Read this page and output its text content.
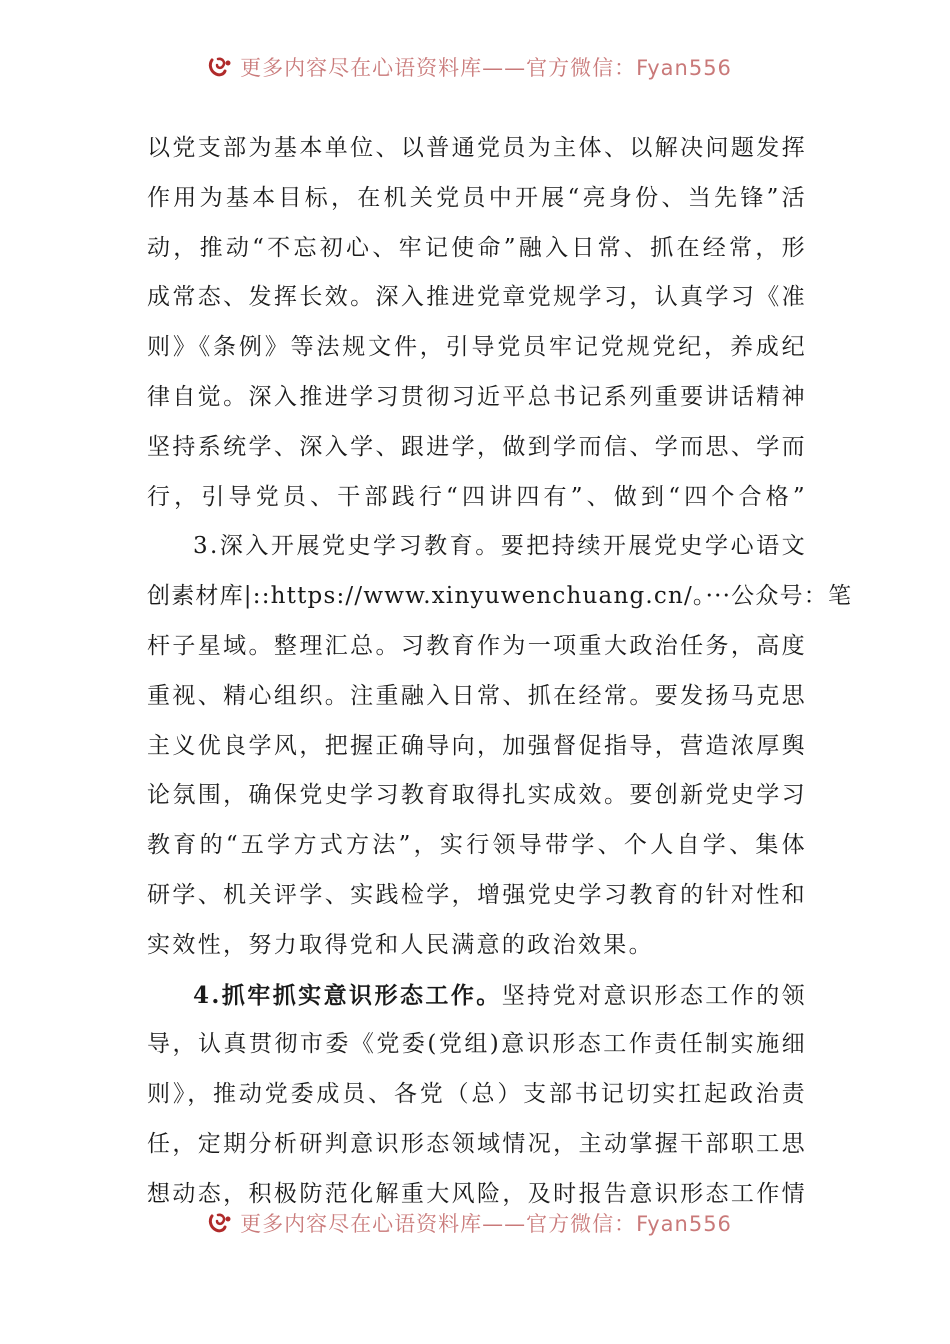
更多内容尽在心语资料库——官方微信：Fyan556
以党支部为基本单位、以普通党员为主体、以解决问题发挥
作用为基本目标，在机关党员中开展“亮身份、当先锋”活
动，推动“不忘初心、牢记使命”融入日常、抓在经常，形
成常态、发挥长效。深入推进党章党规学习，认真学习《准
则》《条例》等法规文件，引导党员牢记党规党纪，养成纪
律自觉。深入推进学习贯彻习近平总书记系列重要讲话精神
坚持系统学、深入学、跟进学，做到学而信、学而思、学而
行，引导党员、干部践行“四讲四有”、做到“四个合格”
3.深入开展党史学习教育。要把持续开展党史学心语文
创素材库|::https://www.xinyuwenchuang.cn/。···公众号：笔
杆子星域。整理汇总。习教育作为一项重大政治任务，高度
重视、精心组织。注重融入日常、抓在经常。要发扬马克思
主义优良学风，把握正确导向，加强督促指导，营造浓厚舆
论氛围，确保党史学习教育取得扎实成效。要创新党史学习
教育的“五学方式方法”，实行领导带学、个人自学、集体
研学、机关评学、实践检学，增强党史学习教育的针对性和
实效性，努力取得党和人民满意的政治效果。
4.抓牢抓实意识形态工作。坚持党对意识形态工作的领
导，认真贯彻市委《党委(党组)意识形态工作责任制实施细
则》，推动党委成员、各党（总）支部书记切实扛起政治责
任，定期分析研判意识形态领域情况，主动掌握干部职工思
想动态，积极防范化解重大风险，及时报告意识形态工作情
更多内容尽在心语资料库——官方微信：Fyan556
